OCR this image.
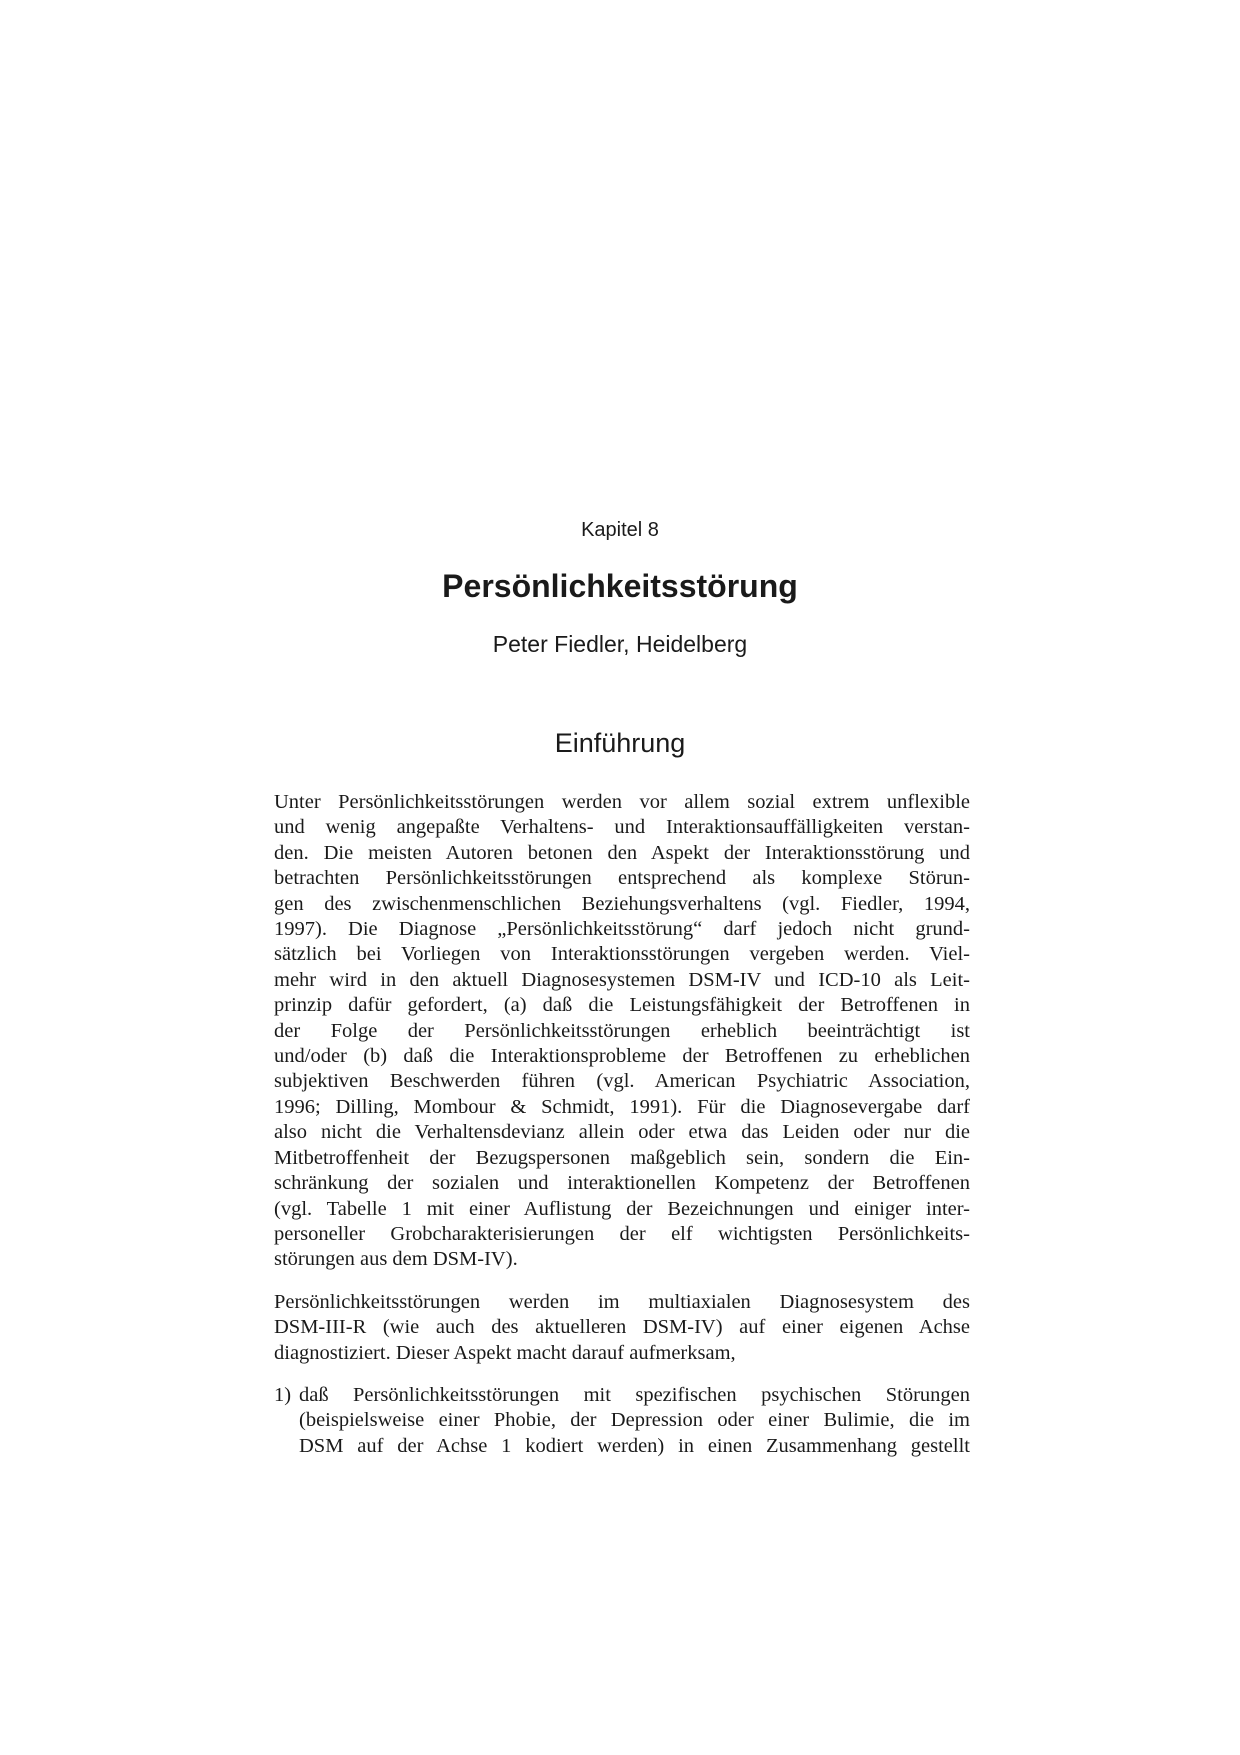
Kapitel 8
Persönlichkeitsstörung
Peter Fiedler, Heidelberg
Einführung
Unter Persönlichkeitsstörungen werden vor allem sozial extrem unflexible
und wenig angepaßte Verhaltens- und Interaktionsauffälligkeiten verstan-
den. Die meisten Autoren betonen den Aspekt der Interaktionsstörung und
betrachten Persönlichkeitsstörungen entsprechend als komplexe Störun-
gen des zwischenmenschlichen Beziehungsverhaltens (vgl. Fiedler, 1994,
1997). Die Diagnose „Persönlichkeitsstörung“ darf jedoch nicht grund-
sätzlich bei Vorliegen von Interaktionsstörungen vergeben werden. Viel-
mehr wird in den aktuell Diagnosesystemen DSM-IV und ICD-10 als Leit-
prinzip dafür gefordert, (a) daß die Leistungsfähigkeit der Betroffenen in
der Folge der Persönlichkeitsstörungen erheblich beeinträchtigt ist
und/oder (b) daß die Interaktionsprobleme der Betroffenen zu erheblichen
subjektiven Beschwerden führen (vgl. American Psychiatric Association,
1996; Dilling, Mombour & Schmidt, 1991). Für die Diagnosevergabe darf
also nicht die Verhaltensdevianz allein oder etwa das Leiden oder nur die
Mitbetroffenheit der Bezugspersonen maßgeblich sein, sondern die Ein-
schränkung der sozialen und interaktionellen Kompetenz der Betroffenen
(vgl. Tabelle 1 mit einer Auflistung der Bezeichnungen und einiger inter-
personeller Grobcharakterisierungen der elf wichtigsten Persönlichkeits-
störungen aus dem DSM-IV).
Persönlichkeitsstörungen werden im multiaxialen Diagnosesystem des
DSM-III-R (wie auch des aktuelleren DSM-IV) auf einer eigenen Achse
diagnostiziert. Dieser Aspekt macht darauf aufmerksam,
1) daß Persönlichkeitsstörungen mit spezifischen psychischen Störungen
(beispielsweise einer Phobie, der Depression oder einer Bulimie, die im
DSM auf der Achse 1 kodiert werden) in einen Zusammenhang gestellt
